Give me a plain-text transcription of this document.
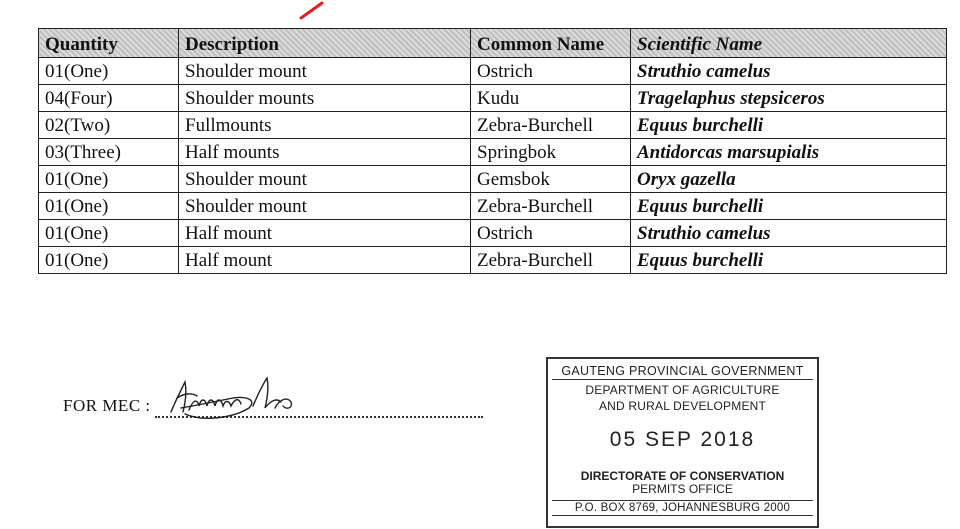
Quantity	Description	Common Name	Scientific Name
01(One)	Shoulder mount	Ostrich	Struthio camelus
04(Four)	Shoulder mounts	Kudu	Tragelaphus stepsiceros
02(Two)	Fullmounts	Zebra-Burchell	Equus burchelli
03(Three)	Half mounts	Springbok	Antidorcas marsupialis
01(One)	Shoulder mount	Gemsbok	Oryx gazella
01(One)	Shoulder mount	Zebra-Burchell	Equus burchelli
01(One)	Half mount	Ostrich	Struthio camelus
01(One)	Half mount	Zebra-Burchell	Equus burchelli
FOR MEC :
GAUTENG PROVINCIAL GOVERNMENT
DEPARTMENT OF AGRICULTURE
AND RURAL DEVELOPMENT
05 SEP 2018
DIRECTORATE OF CONSERVATION
PERMITS OFFICE
P.O. BOX 8769, JOHANNESBURG 2000
